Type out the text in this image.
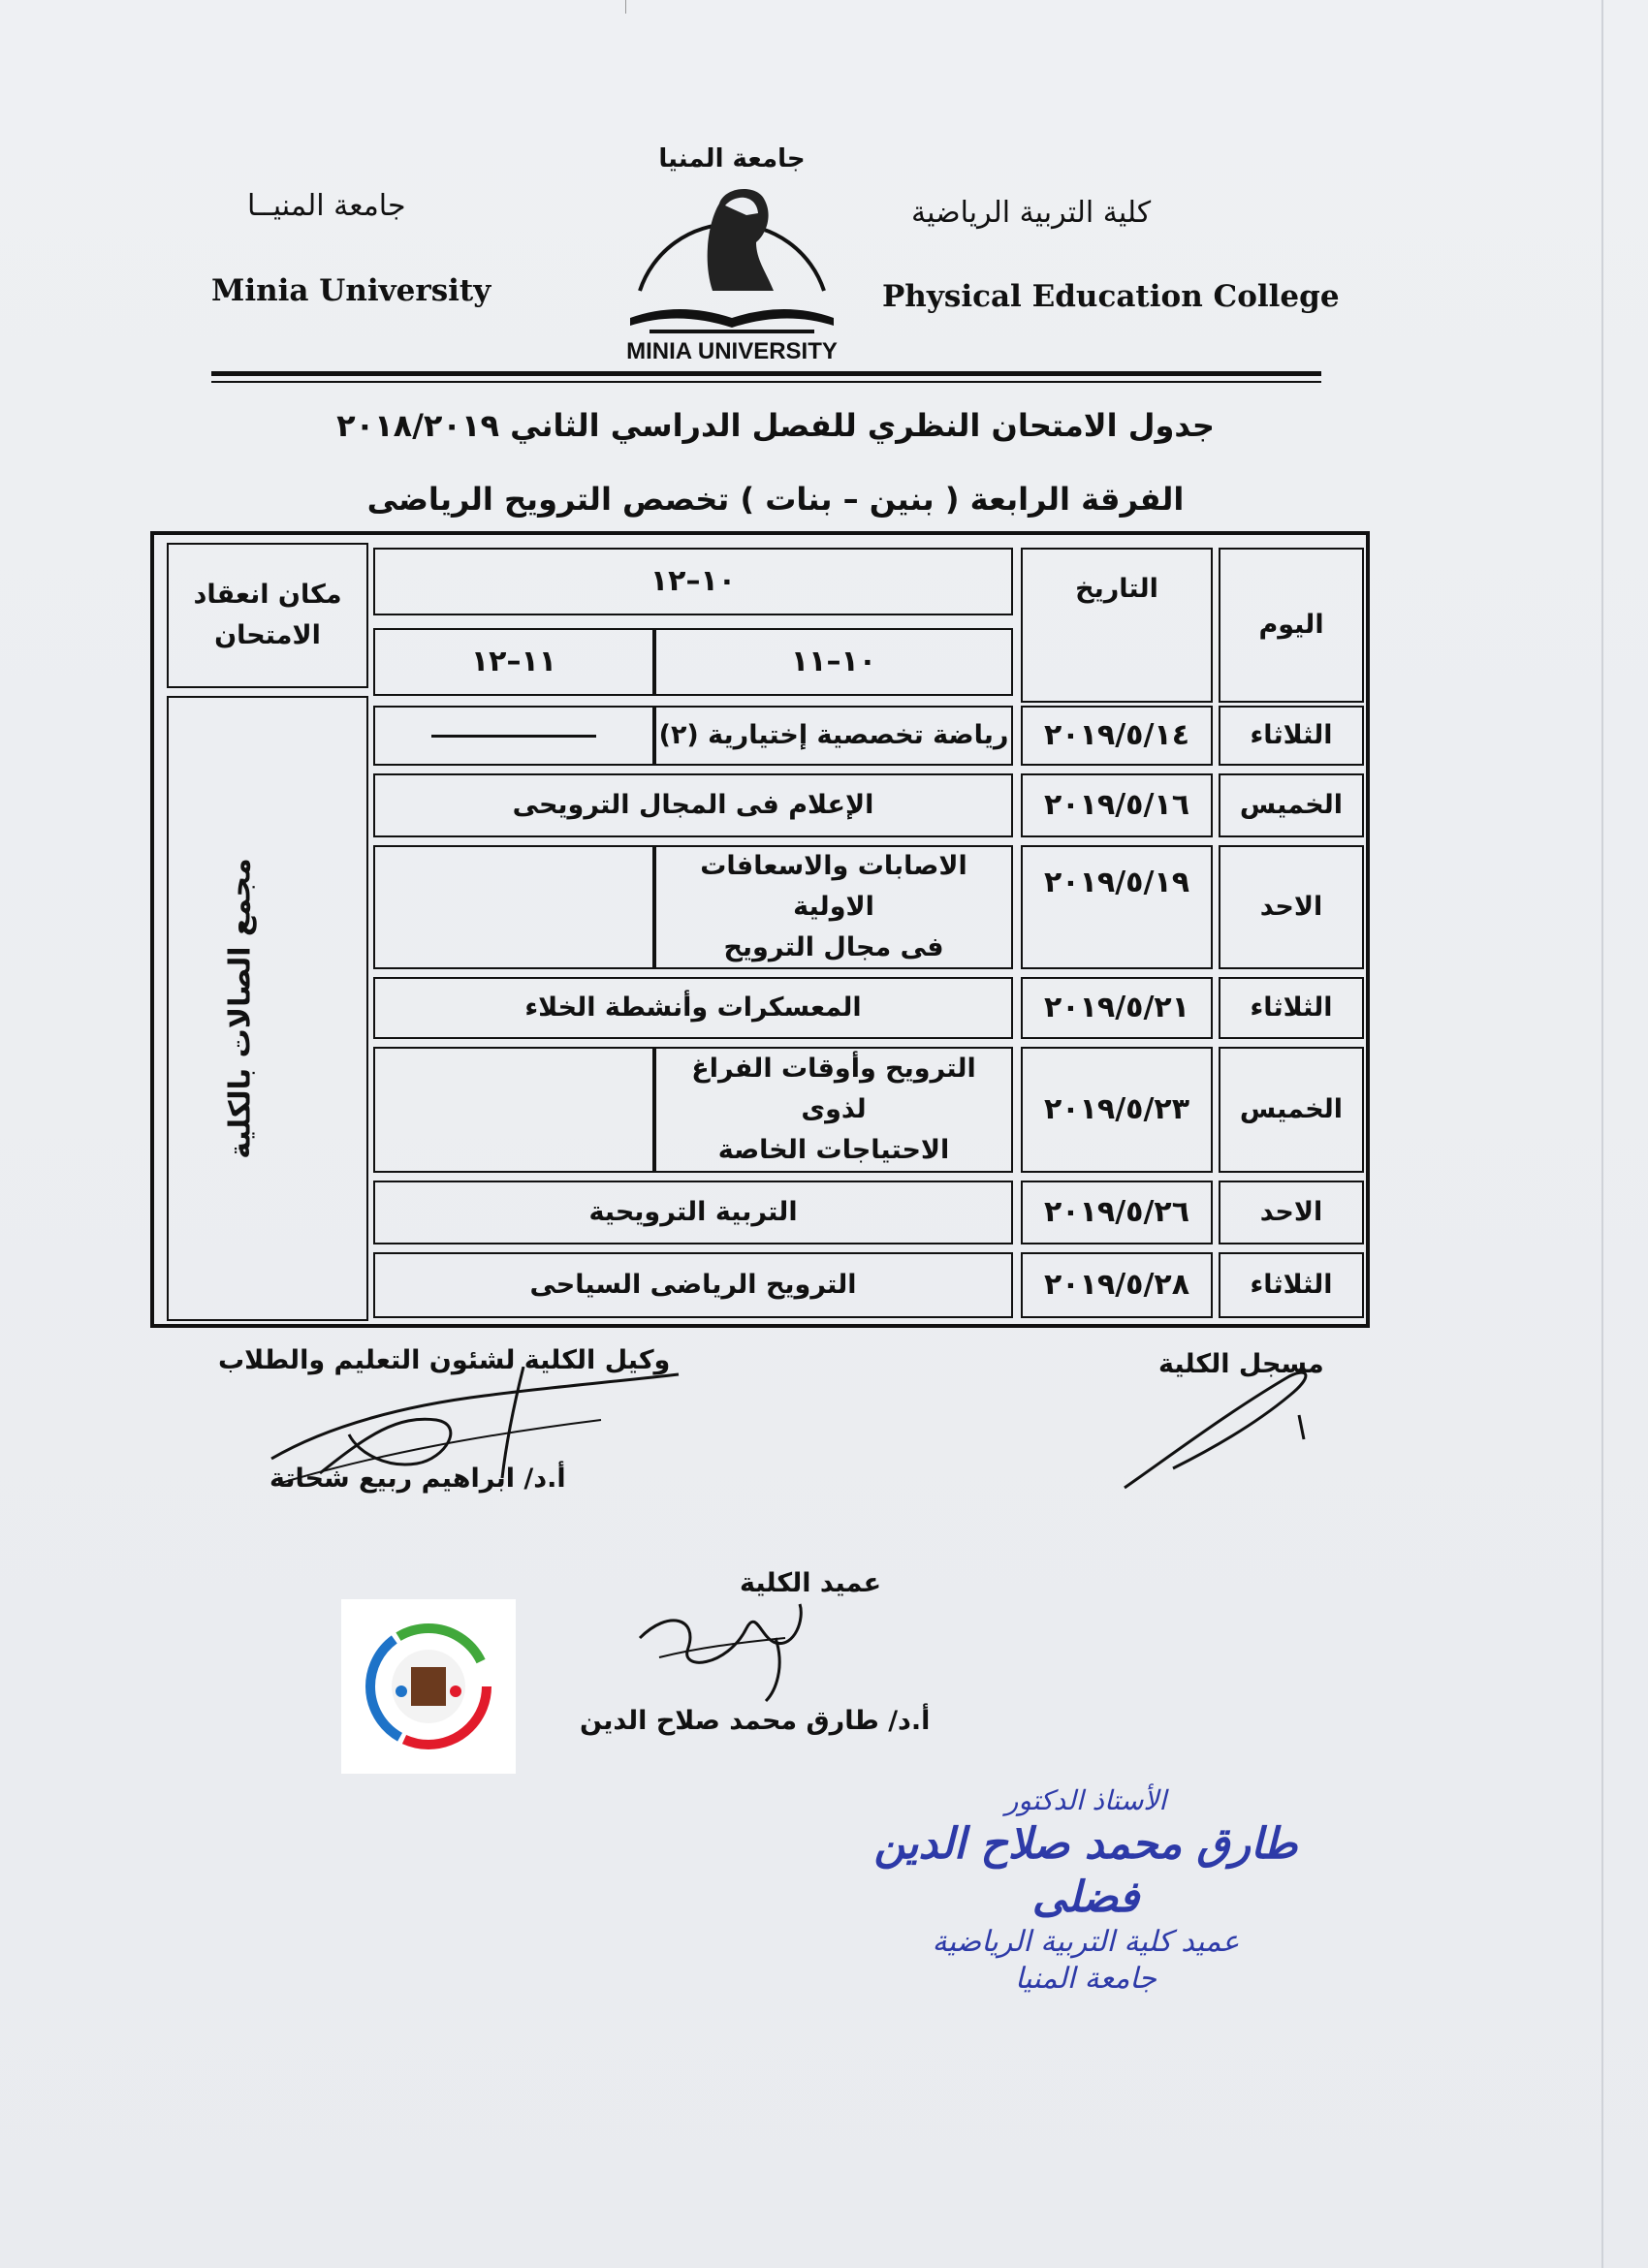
جامعة المنيــا
Minia University
كلية التربية الرياضية
Physical Education College
جامعة المنيا
MINIA UNIVERSITY
جدول الامتحان النظري للفصل الدراسي الثاني ٢٠١٨/٢٠١٩
الفرقة الرابعة ( بنين – بنات ) تخصص الترويح الرياضى
اليوم
التاريخ
١٠–١٢
١٠–١١
١١–١٢
مكان انعقاد الامتحان
مجمع الصالات بالكلية
الثلاثاء
٢٠١٩/٥/١٤
رياضة تخصصية إختيارية (٢)
الخميس
٢٠١٩/٥/١٦
الإعلام فى المجال الترويحى
الاحد
٢٠١٩/٥/١٩
الاصابات والاسعافات الاولية
فى مجال الترويح
الثلاثاء
٢٠١٩/٥/٢١
المعسكرات وأنشطة الخلاء
الخميس
٢٠١٩/٥/٢٣
الترويح وأوقات الفراغ لذوى
الاحتياجات الخاصة
الاحد
٢٠١٩/٥/٢٦
التربية الترويحية
الثلاثاء
٢٠١٩/٥/٢٨
الترويح الرياضى السياحى
مسجل الكلية
وكيل الكلية لشئون التعليم والطلاب
أ.د/ ابراهيم ربيع شحاتة
عميد الكلية
أ.د/ طارق محمد صلاح الدين
الأستاذ الدكتور
طارق محمد صلاح الدين فضلى
عميد كلية التربية الرياضية
جامعة المنيا
